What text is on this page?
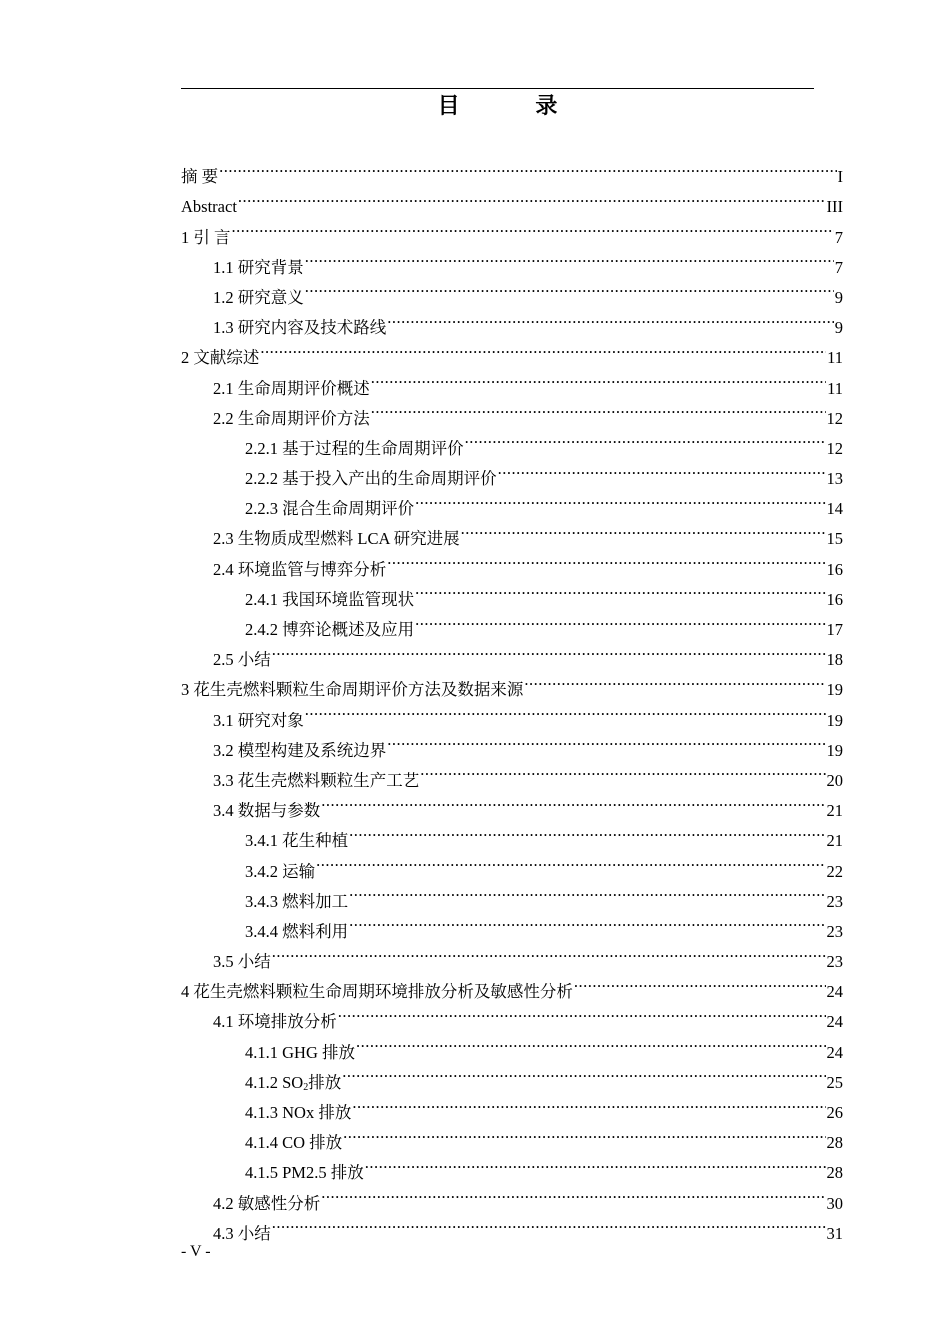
目 录
摘 要 .....	I
Abstract .....	III
1 引 言 .....	7
1.1 研究背景 .....	7
1.2 研究意义 .....	9
1.3 研究内容及技术路线 .....	9
2 文献综述 .....	11
2.1 生命周期评价概述 .....	11
2.2 生命周期评价方法 .....	12
2.2.1 基于过程的生命周期评价 .....	12
2.2.2 基于投入产出的生命周期评价 .....	13
2.2.3 混合生命周期评价 .....	14
2.3 生物质成型燃料 LCA 研究进展 .....	15
2.4 环境监管与博弈分析 .....	16
2.4.1 我国环境监管现状 .....	16
2.4.2 博弈论概述及应用 .....	17
2.5 小结 .....	18
3 花生壳燃料颗粒生命周期评价方法及数据来源 .....	19
3.1 研究对象 .....	19
3.2 模型构建及系统边界 .....	19
3.3 花生壳燃料颗粒生产工艺 .....	20
3.4 数据与参数 .....	21
3.4.1 花生种植 .....	21
3.4.2 运输 .....	22
3.4.3 燃料加工 .....	23
3.4.4 燃料利用 .....	23
3.5 小结 .....	23
4 花生壳燃料颗粒生命周期环境排放分析及敏感性分析 .....	24
4.1 环境排放分析 .....	24
4.1.1 GHG 排放 .....	24
4.1.2 $SO_2$排放 .....	25
4.1.3 NOx 排放 .....	26
4.1.4 CO 排放 .....	28
4.1.5 PM2.5 排放 .....	28
4.2 敏感性分析 .....	30
4.3 小结 .....	31
- V -
